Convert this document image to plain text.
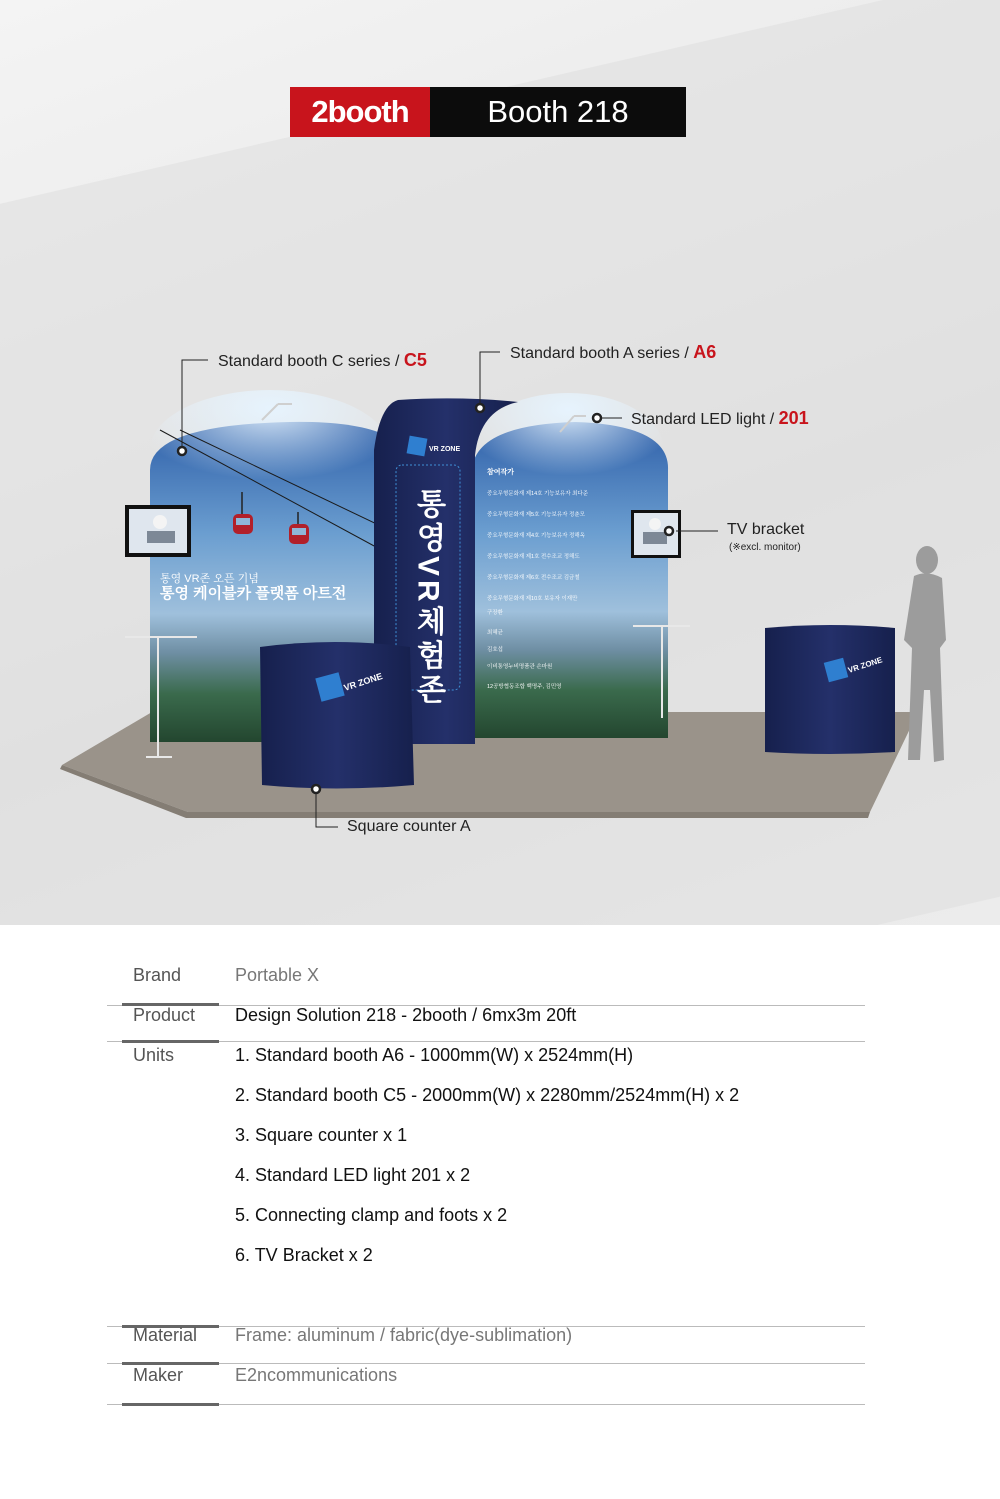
2booth	Booth 218
통영 VR존 오픈 기념
통영 케이블카 플랫폼 아트전
참여작가
중요무형문화재 제14호 기능보유자 최다준
중요무형문화재 제5호 기능보유자 정춘모
중요무형문화재 제4호 기능보유자 정해옥
중요무형문화재 제1호 전수조교 정해도
중요무형문화재 제6호 전수조교 김금철
중요무형문화재 제10호 보유자 이재만
구장환
최혜균
김호섭
이비통영누비명품관 손마원
12공방협동조합 백명주, 김민영
VR ZONE
통영VR체험존
VR ZONE
VR ZONE
Standard booth C series / C5	Standard booth A series / A6
Standard LED light / 201
TV bracket
(※excl. monitor)
Square counter A
Brand	Portable X
Product	Design Solution 218 - 2booth / 6mx3m 20ft
Units	1. Standard booth A6 - 1000mm(W) x 2524mm(H)
2. Standard booth C5 - 2000mm(W) x 2280mm/2524mm(H) x 2
3. Square counter x 1
4. Standard LED light 201 x 2
5. Connecting clamp and foots x 2
6. TV Bracket x 2
Material	Frame: aluminum / fabric(dye-sublimation)
Maker	E2ncommunications
